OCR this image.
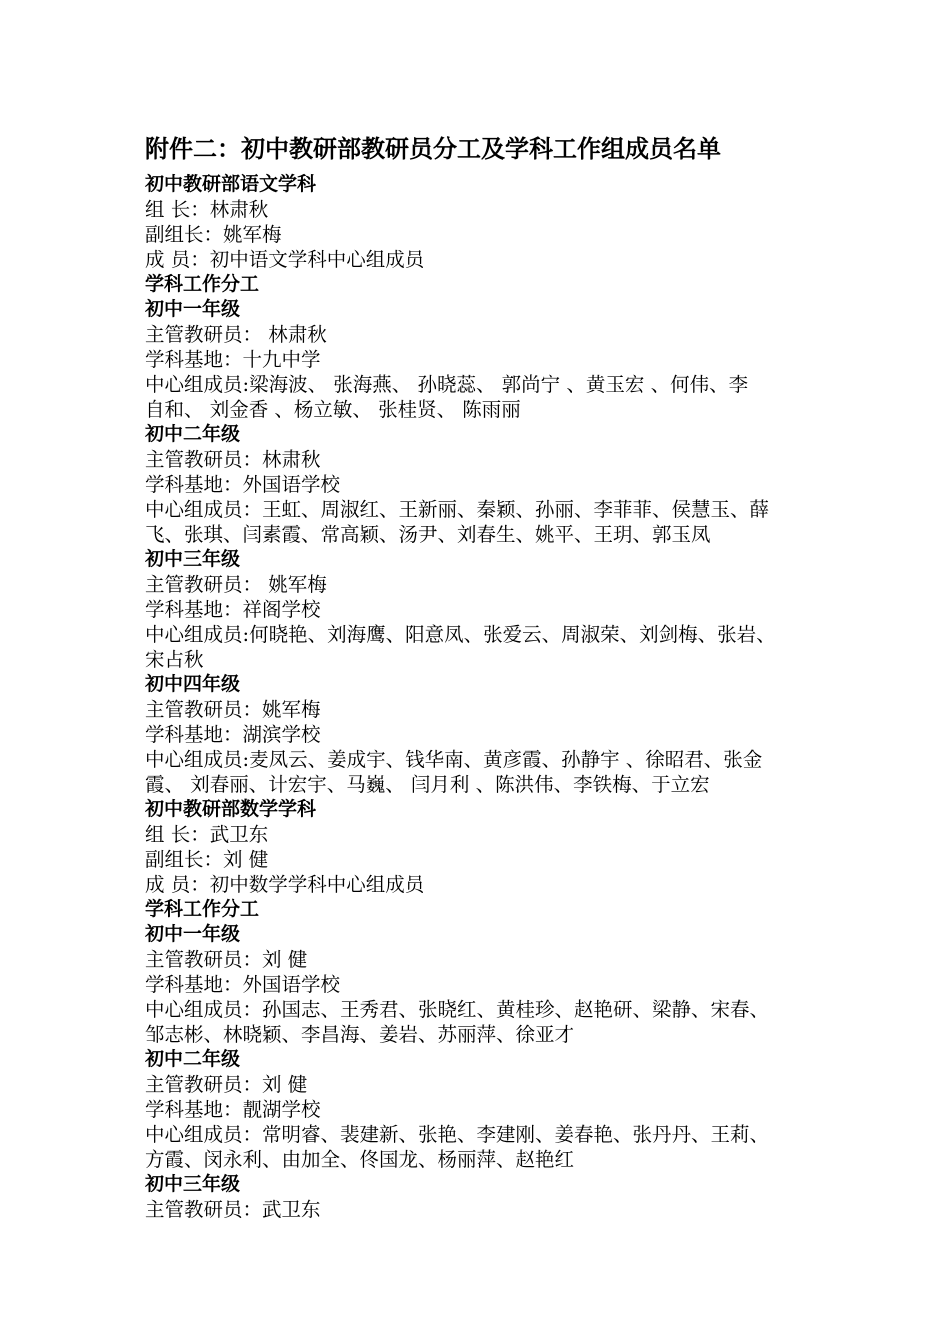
附件二：初中教研部教研员分工及学科工作组成员名单
初中教研部语文学科
组 长：林肃秋
副组长：姚军梅
成 员：初中语文学科中心组成员
学科工作分工
初中一年级
主管教研员： 林肃秋
学科基地：十九中学
中心组成员:梁海波、 张海燕、 孙晓蕊、 郭尚宁 、黄玉宏 、何伟、李
自和、 刘金香 、杨立敏、 张桂贤、 陈雨丽
初中二年级
主管教研员：林肃秋
学科基地：外国语学校
中心组成员：王虹、周淑红、王新丽、秦颖、孙丽、李菲菲、侯慧玉、薛
飞、张琪、闫素霞、常高颖、汤尹、刘春生、姚平、王玥、郭玉凤
初中三年级
主管教研员： 姚军梅
学科基地：祥阁学校
中心组成员:何晓艳、刘海鹰、阳意凤、张爱云、周淑荣、刘剑梅、张岩、
宋占秋
初中四年级
主管教研员：姚军梅
学科基地：湖滨学校
中心组成员:麦凤云、姜成宇、钱华南、黄彦霞、孙静宇 、徐昭君、张金
霞、 刘春丽、计宏宇、马巍、 闫月利 、陈洪伟、李铁梅、于立宏
初中教研部数学学科
组 长：武卫东
副组长：刘 健
成 员：初中数学学科中心组成员
学科工作分工
初中一年级
主管教研员：刘 健
学科基地：外国语学校
中心组成员：孙国志、王秀君、张晓红、黄桂珍、赵艳研、梁静、宋春、
邹志彬、林晓颖、李昌海、姜岩、苏丽萍、徐亚才
初中二年级
主管教研员：刘 健
学科基地：靓湖学校
中心组成员：常明睿、裴建新、张艳、李建刚、姜春艳、张丹丹、王莉、
方霞、闵永利、由加全、佟国龙、杨丽萍、赵艳红
初中三年级
主管教研员：武卫东
